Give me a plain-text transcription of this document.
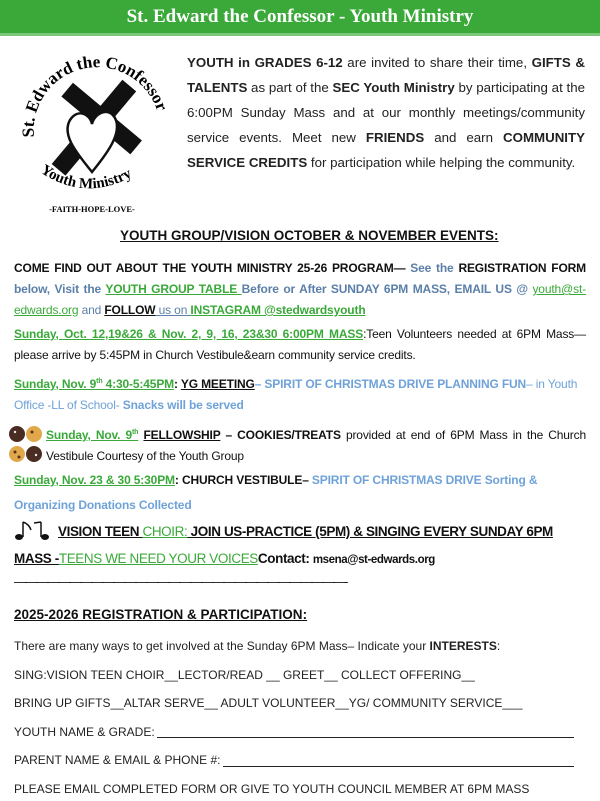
St. Edward the Confessor - Youth Ministry
St. Edward the Confessor
Youth Ministry
-FAITH-HOPE-LOVE-
YOUTH in GRADES 6-12 are invited to share their time, GIFTS & TALENTS as part of the SEC Youth Ministry by participating at the 6:00PM Sunday Mass and at our monthly meetings/community service events. Meet new FRIENDS and earn COMMUNITY SERVICE CREDITS for participation while helping the community.
YOUTH GROUP/VISION OCTOBER & NOVEMBER EVENTS:
COME FIND OUT ABOUT THE YOUTH MINISTRY 25-26 PROGRAM— See the REGISTRATION FORM below, Visit the YOUTH GROUP TABLE Before or After SUNDAY 6PM MASS, EMAIL US @ youth@st-edwards.org and FOLLOW us on INSTAGRAM @stedwardsyouth
Sunday, Oct. 12,19&26 & Nov. 2, 9, 16, 23&30 6:00PM MASS:Teen Volunteers needed at 6PM Mass—please arrive by 5:45PM in Church Vestibule&earn community service credits.
Sunday, Nov. 9th 4:30-5:45PM: YG MEETING– SPIRIT OF CHRISTMAS DRIVE PLANNING FUN– in Youth Office -LL of School- Snacks will be served
Sunday, Nov. 9th FELLOWSHIP – COOKIES/TREATS provided at end of 6PM Mass in the Church Vestibule Courtesy of the Youth Group
Sunday, Nov. 23 & 30 5:30PM: CHURCH VESTIBULE– SPIRIT OF CHRISTMAS DRIVE Sorting & Organizing Donations Collected
VISION TEEN CHOIR: JOIN US-PRACTICE (5PM) & SINGING EVERY SUNDAY 6PM MASS -TEENS WE NEED YOUR VOICESContact: msena@st-edwards.org
——————————————————————————————-
2025-2026 REGISTRATION & PARTICIPATION:
There are many ways to get involved at the Sunday 6PM Mass– Indicate your INTERESTS:
SING:VISION TEEN CHOIR__LECTOR/READ __ GREET__ COLLECT OFFERING__
BRING UP GIFTS__ALTAR SERVE__ ADULT VOLUNTEER__YG/ COMMUNITY SERVICE___
YOUTH NAME & GRADE:
PARENT NAME & EMAIL & PHONE #:
PLEASE EMAIL COMPLETED FORM OR GIVE TO YOUTH COUNCIL MEMBER AT 6PM MASS
